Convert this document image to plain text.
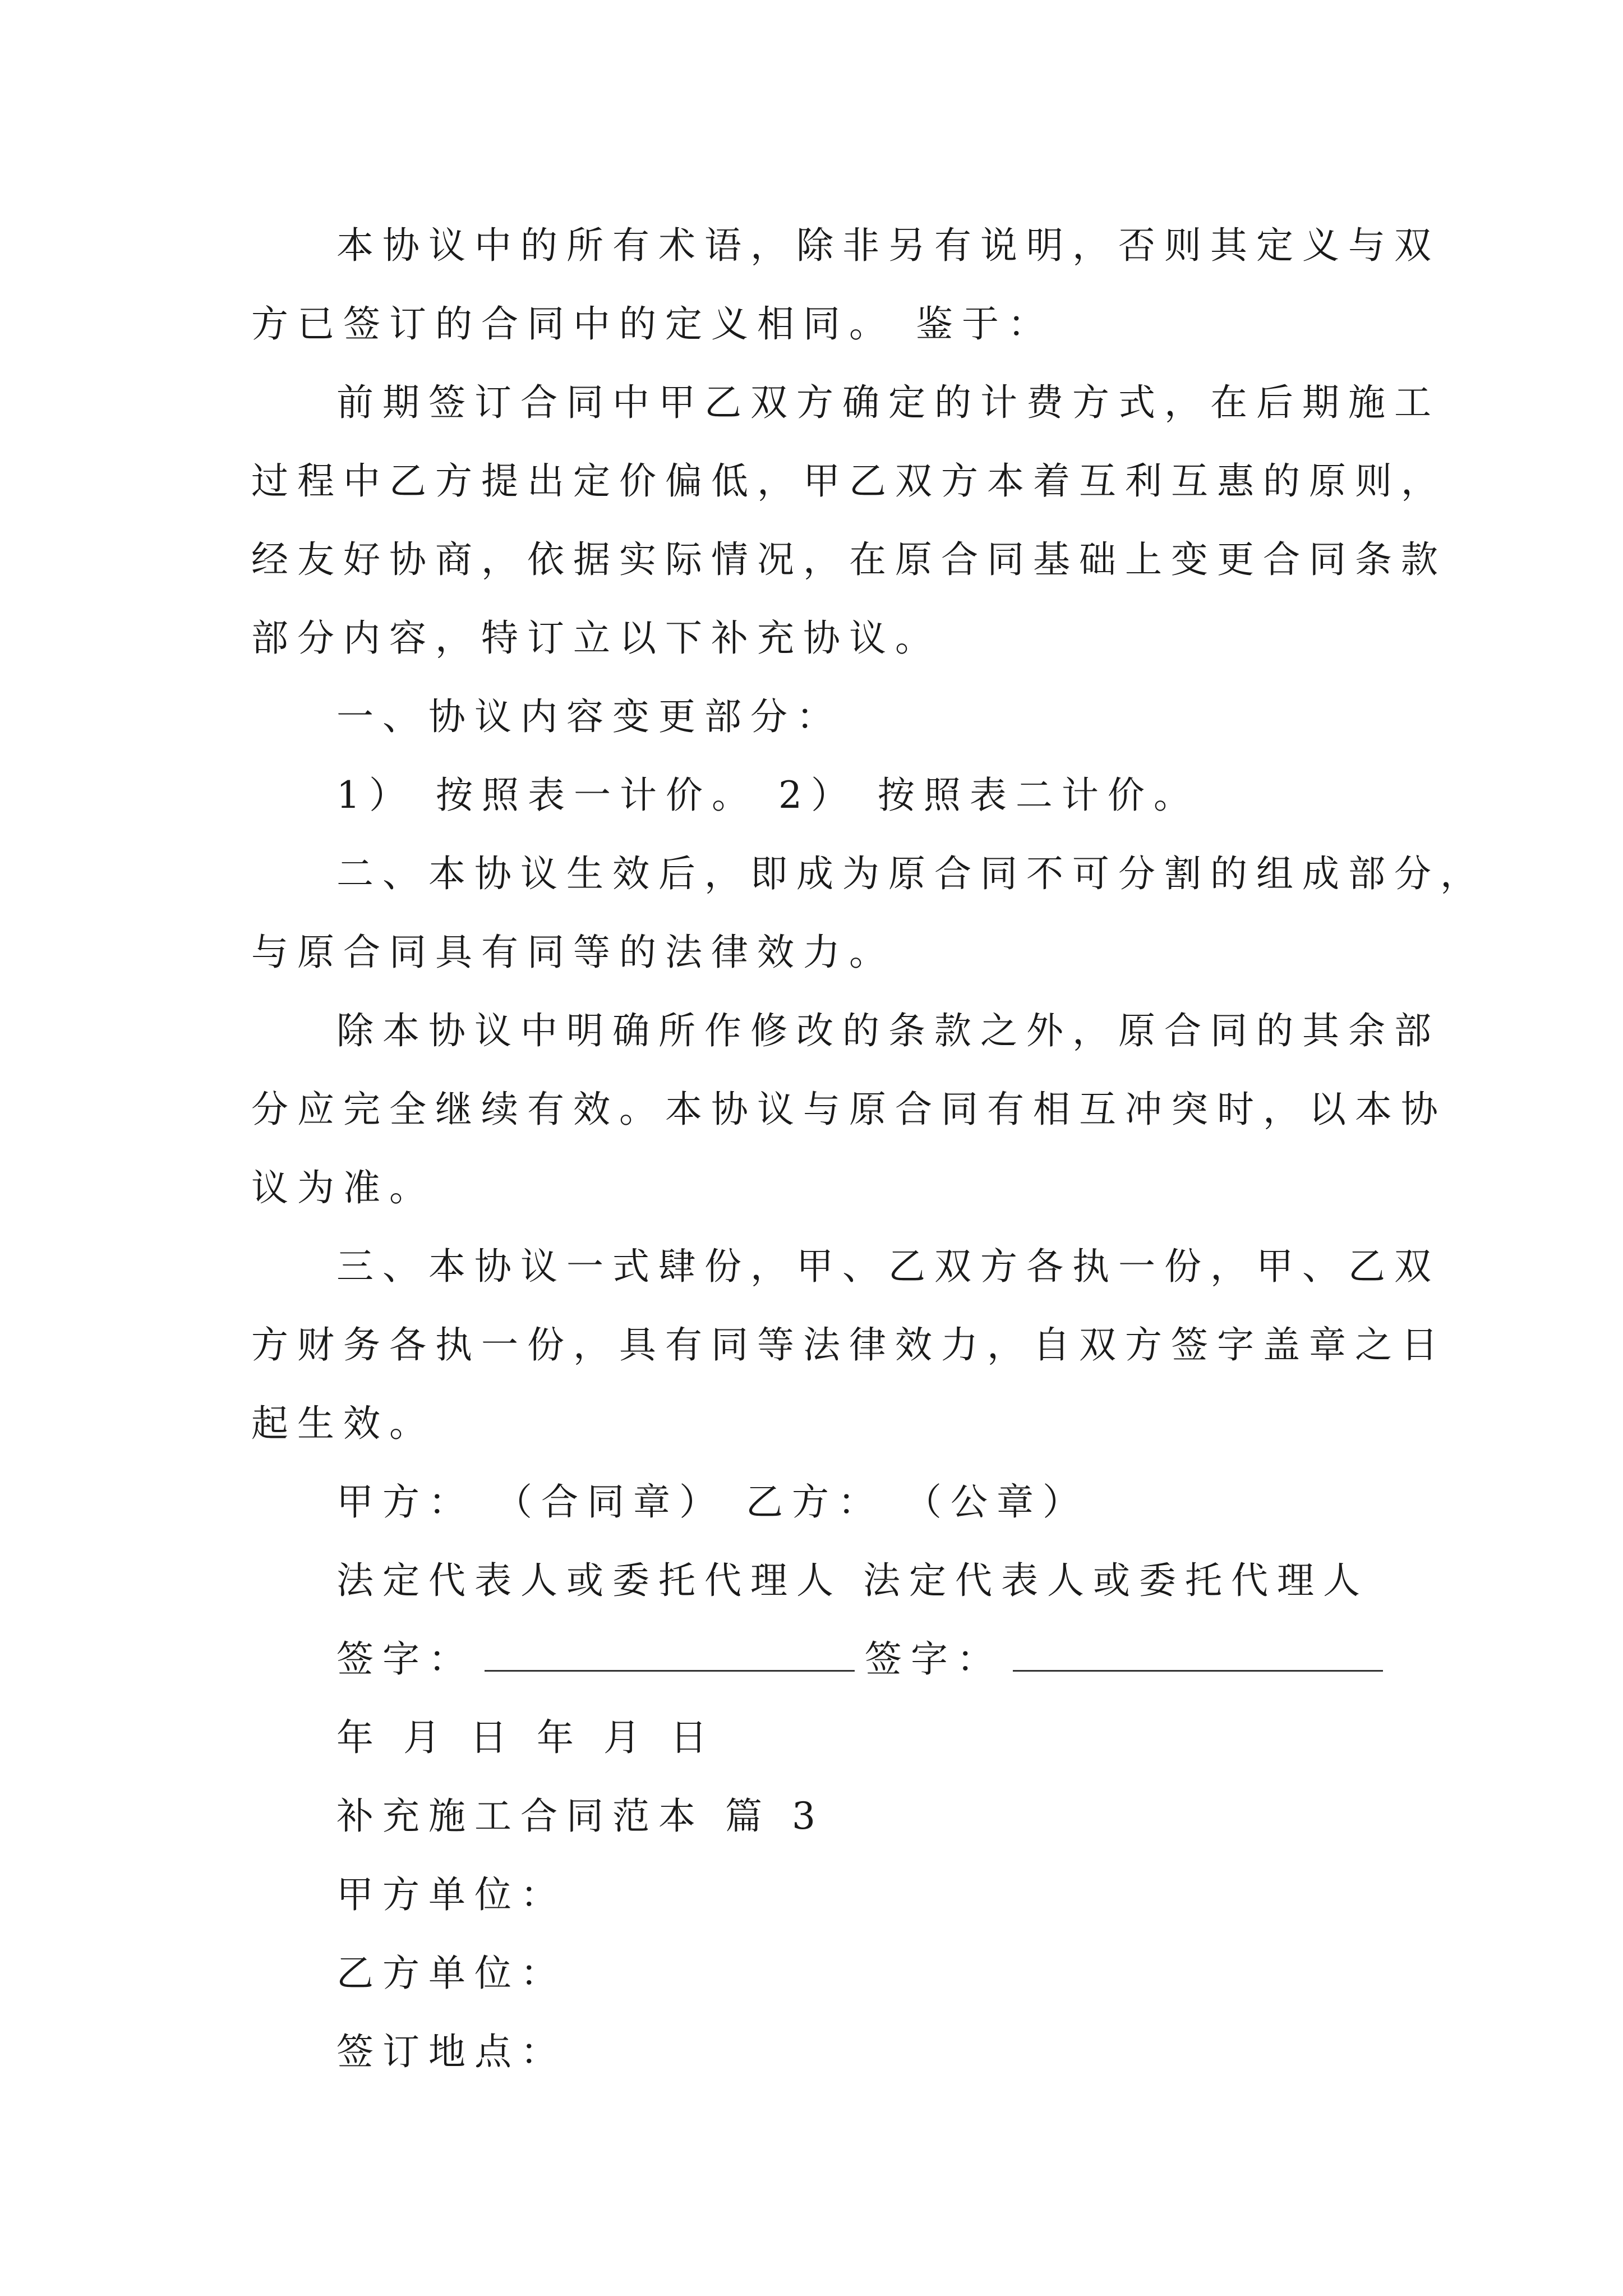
本协议中的所有术语，除非另有说明，否则其定义与双
方已签订的合同中的定义相同。 鉴于：
前期签订合同中甲乙双方确定的计费方式，在后期施工
过程中乙方提出定价偏低，甲乙双方本着互利互惠的原则，
经友好协商，依据实际情况，在原合同基础上变更合同条款
部分内容，特订立以下补充协议。
一、协议内容变更部分：
1） 按照表一计价。 2） 按照表二计价。
二、本协议生效后，即成为原合同不可分割的组成部分，
与原合同具有同等的法律效力。
除本协议中明确所作修改的条款之外，原合同的其余部
分应完全继续有效。本协议与原合同有相互冲突时，以本协
议为准。
三、本协议一式肆份，甲、乙双方各执一份，甲、乙双
方财务各执一份，具有同等法律效力，自双方签字盖章之日
起生效。
甲方： （合同章） 乙方： （公章）
法定代表人或委托代理人 法定代表人或委托代理人
签字：	签字：
年 月 日 年 月 日
补充施工合同范本 篇 3
甲方单位：
乙方单位：
签订地点：
